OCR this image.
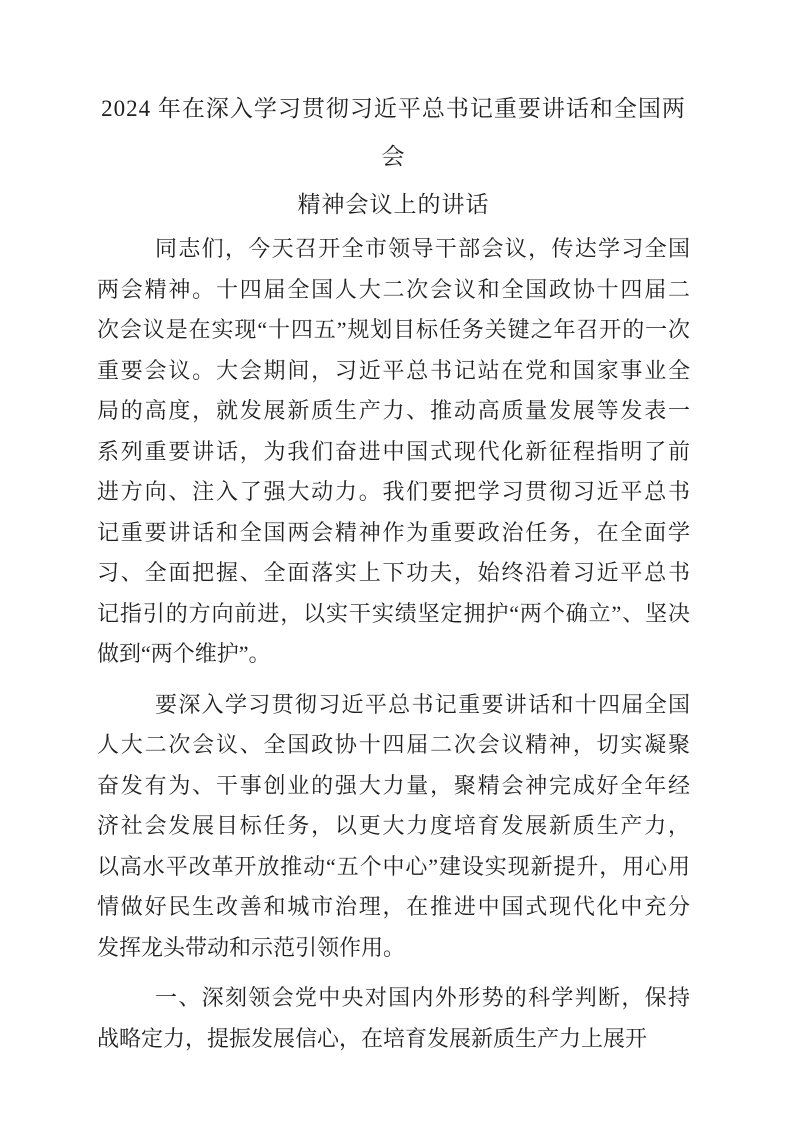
2024 年在深入学习贯彻习近平总书记重要讲话和全国两会
精神会议上的讲话
同志们，今天召开全市领导干部会议，传达学习全国
两会精神。十四届全国人大二次会议和全国政协十四届二
次会议是在实现“十四五”规划目标任务关键之年召开的一次
重要会议。大会期间，习近平总书记站在党和国家事业全
局的高度，就发展新质生产力、推动高质量发展等发表一
系列重要讲话，为我们奋进中国式现代化新征程指明了前
进方向、注入了强大动力。我们要把学习贯彻习近平总书
记重要讲话和全国两会精神作为重要政治任务，在全面学
习、全面把握、全面落实上下功夫，始终沿着习近平总书
记指引的方向前进，以实干实绩坚定拥护“两个确立”、坚决
做到“两个维护”。
要深入学习贯彻习近平总书记重要讲话和十四届全国
人大二次会议、全国政协十四届二次会议精神，切实凝聚
奋发有为、干事创业的强大力量，聚精会神完成好全年经
济社会发展目标任务，以更大力度培育发展新质生产力，
以高水平改革开放推动“五个中心”建设实现新提升，用心用
情做好民生改善和城市治理，在推进中国式现代化中充分
发挥龙头带动和示范引领作用。
一、深刻领会党中央对国内外形势的科学判断，保持
战略定力，提振发展信心，在培育发展新质生产力上展开
